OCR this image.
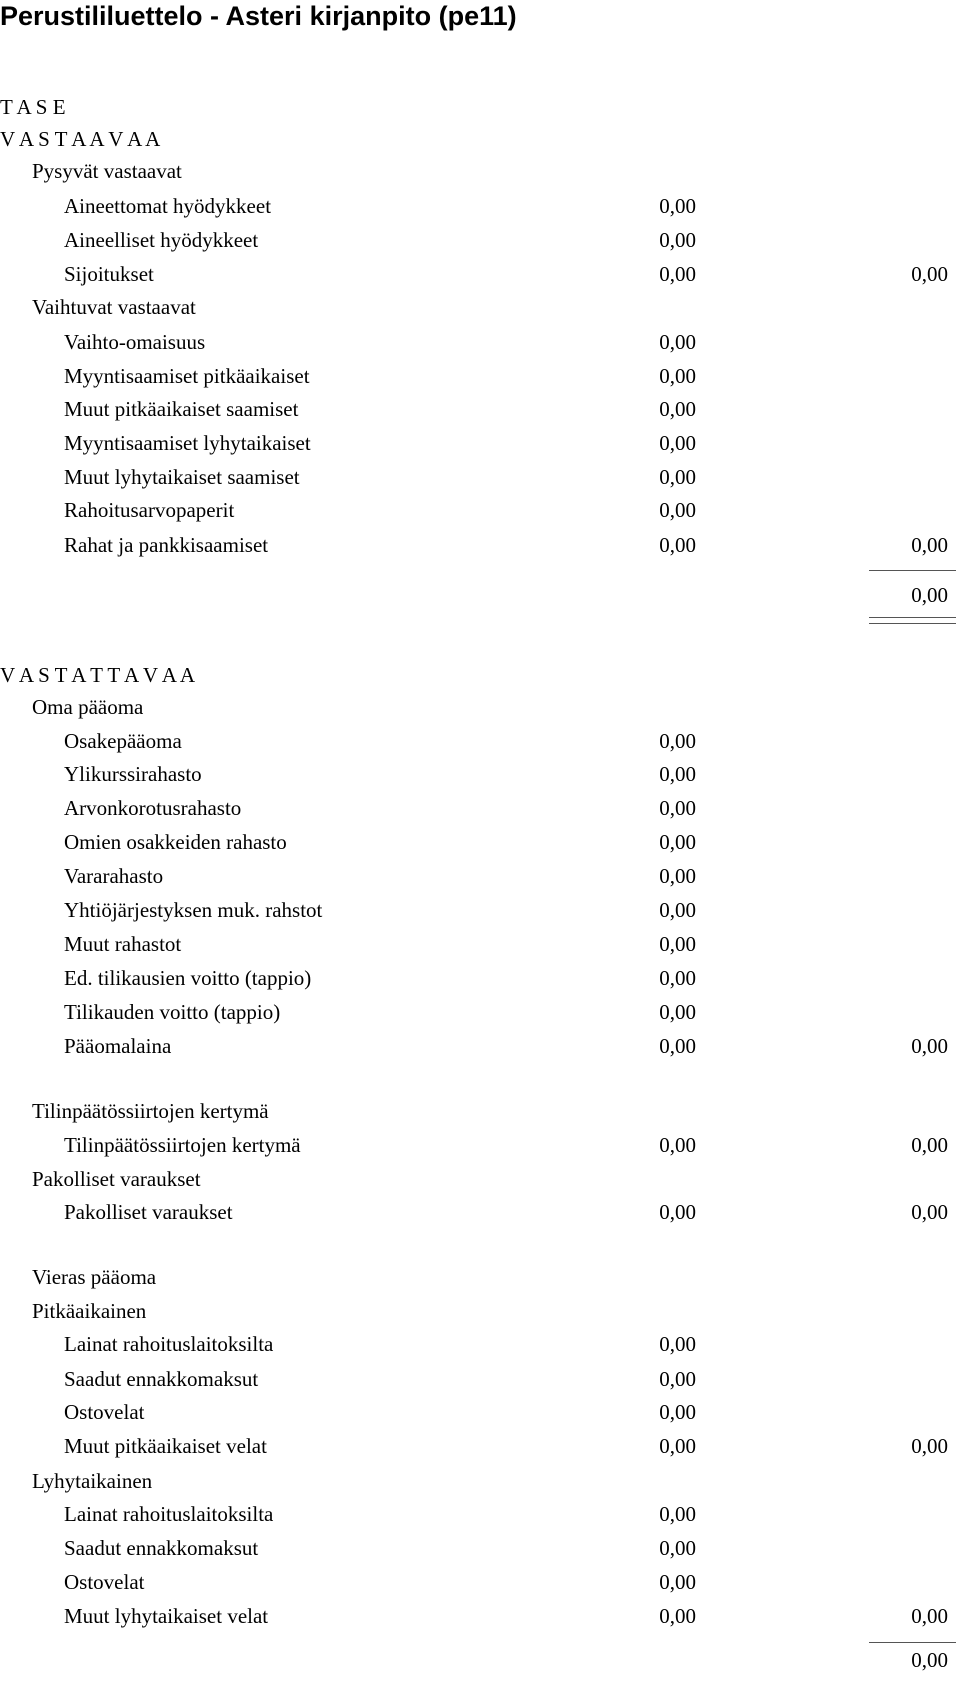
Perustililuettelo - Asteri kirjanpito (pe11)
T A S E
V A S T A A V A A
Pysyvät vastaavat
Aineettomat hyödykkeet	0,00
Aineelliset hyödykkeet	0,00
Sijoitukset	0,00	0,00
Vaihtuvat vastaavat
Vaihto-omaisuus	0,00
Myyntisaamiset pitkäaikaiset	0,00
Muut pitkäaikaiset saamiset	0,00
Myyntisaamiset lyhytaikaiset	0,00
Muut lyhytaikaiset saamiset	0,00
Rahoitusarvopaperit	0,00
Rahat ja pankkisaamiset	0,00	0,00
0,00
V A S T A T T A V A A
Oma pääoma
Osakepääoma	0,00
Ylikurssirahasto	0,00
Arvonkorotusrahasto	0,00
Omien osakkeiden rahasto	0,00
Vararahasto	0,00
Yhtiöjärjestyksen muk. rahstot	0,00
Muut rahastot	0,00
Ed. tilikausien voitto (tappio)	0,00
Tilikauden voitto (tappio)	0,00
Pääomalaina	0,00	0,00
Tilinpäätössiirtojen kertymä
Tilinpäätössiirtojen kertymä	0,00	0,00
Pakolliset varaukset
Pakolliset varaukset	0,00	0,00
Vieras pääoma
Pitkäaikainen
Lainat rahoituslaitoksilta	0,00
Saadut ennakkomaksut	0,00
Ostovelat	0,00
Muut pitkäaikaiset velat	0,00	0,00
Lyhytaikainen
Lainat rahoituslaitoksilta	0,00
Saadut ennakkomaksut	0,00
Ostovelat	0,00
Muut lyhytaikaiset velat	0,00	0,00
0,00
